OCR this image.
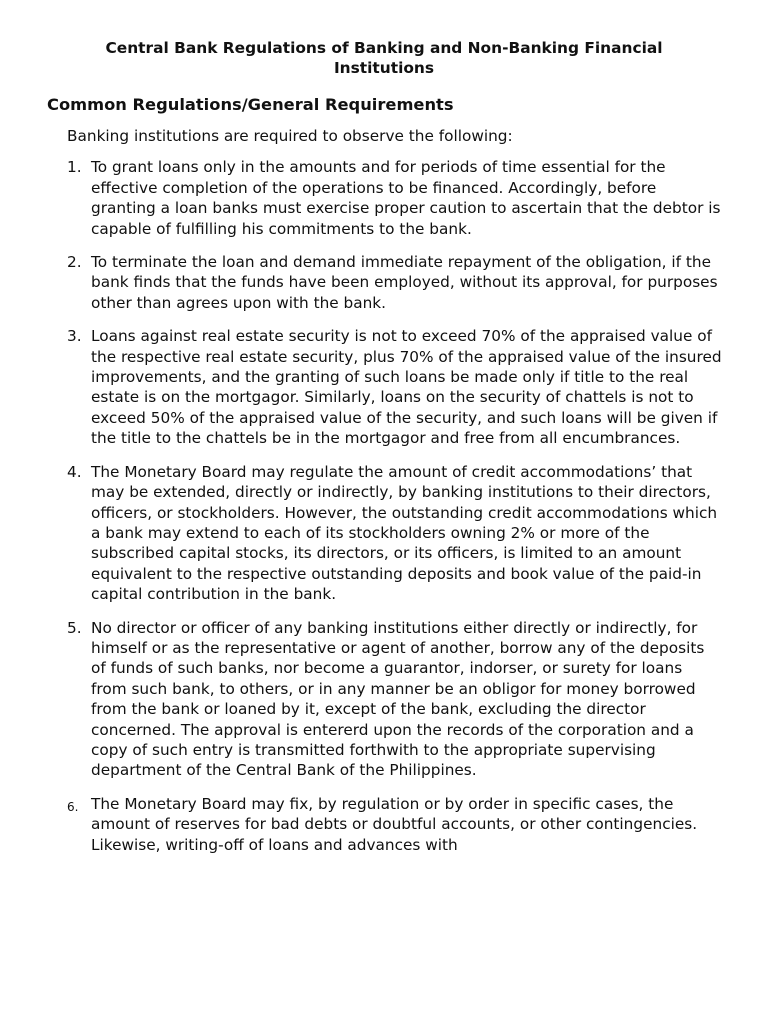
Central Bank Regulations of Banking and Non-Banking Financial Institutions
Common Regulations/General Requirements
Banking institutions are required to observe the following:
1. To grant loans only in the amounts and for periods of time essential for the effective completion of the operations to be financed. Accordingly, before granting a loan banks must exercise proper caution to ascertain that the debtor is capable of fulfilling his commitments to the bank.
2. To terminate the loan and demand immediate repayment of the obligation, if the bank finds that the funds have been employed, without its approval, for purposes other than agrees upon with the bank.
3. Loans against real estate security is not to exceed 70% of the appraised value of the respective real estate security, plus 70% of the appraised value of the insured improvements, and the granting of such loans be made only if title to the real estate is on the mortgagor. Similarly, loans on the security of chattels is not to exceed 50% of the appraised value of the security, and such loans will be given if the title to the chattels be in the mortgagor and free from all encumbrances.
4. The Monetary Board may regulate the amount of credit accommodations’ that may be extended, directly or indirectly, by banking institutions to their directors, officers, or stockholders. However, the outstanding credit accommodations which a bank may extend to each of its stockholders owning 2% or more of the subscribed capital stocks, its directors, or its officers, is limited to an amount equivalent to the respective outstanding deposits and book value of the paid-in capital contribution in the bank.
5. No director or officer of any banking institutions either directly or indirectly, for himself or as the representative or agent of another, borrow any of the deposits of funds of such banks, nor become a guarantor, indorser, or surety for loans from such bank, to others, or in any manner be an obligor for money borrowed from the bank or loaned by it, except of the bank, excluding the director concerned. The approval is entererd upon the records of the corporation and a copy of such entry is transmitted forthwith to the appropriate supervising department of the Central Bank of the Philippines.
6. The Monetary Board may fix, by regulation or by order in specific cases, the amount of reserves for bad debts or doubtful accounts, or other contingencies. Likewise, writing-off of loans and advances with
